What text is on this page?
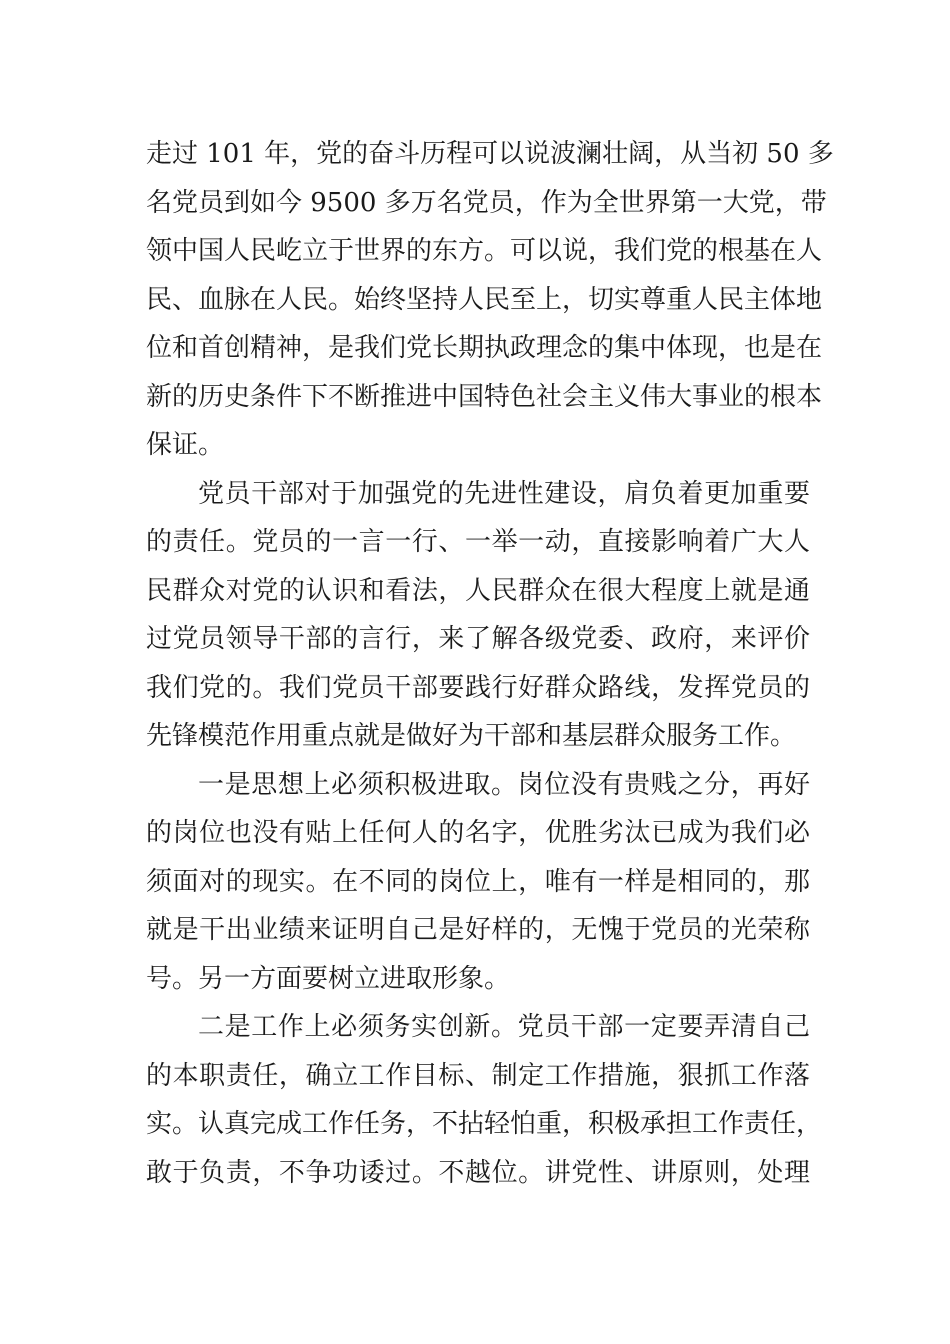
走过 101 年，党的奋斗历程可以说波澜壮阔，从当初 50 多
名党员到如今 9500 多万名党员，作为全世界第一大党，带
领中国人民屹立于世界的东方。可以说，我们党的根基在人
民、血脉在人民。始终坚持人民至上，切实尊重人民主体地
位和首创精神，是我们党长期执政理念的集中体现，也是在
新的历史条件下不断推进中国特色社会主义伟大事业的根本
保证。
党员干部对于加强党的先进性建设，肩负着更加重要
的责任。党员的一言一行、一举一动，直接影响着广大人
民群众对党的认识和看法，人民群众在很大程度上就是通
过党员领导干部的言行，来了解各级党委、政府，来评价
我们党的。我们党员干部要践行好群众路线，发挥党员的
先锋模范作用重点就是做好为干部和基层群众服务工作。
一是思想上必须积极进取。岗位没有贵贱之分，再好
的岗位也没有贴上任何人的名字，优胜劣汰已成为我们必
须面对的现实。在不同的岗位上，唯有一样是相同的，那
就是干出业绩来证明自己是好样的，无愧于党员的光荣称
号。另一方面要树立进取形象。
二是工作上必须务实创新。党员干部一定要弄清自己
的本职责任，确立工作目标、制定工作措施，狠抓工作落
实。认真完成工作任务，不拈轻怕重，积极承担工作责任，
敢于负责，不争功诿过。不越位。讲党性、讲原则，处理
